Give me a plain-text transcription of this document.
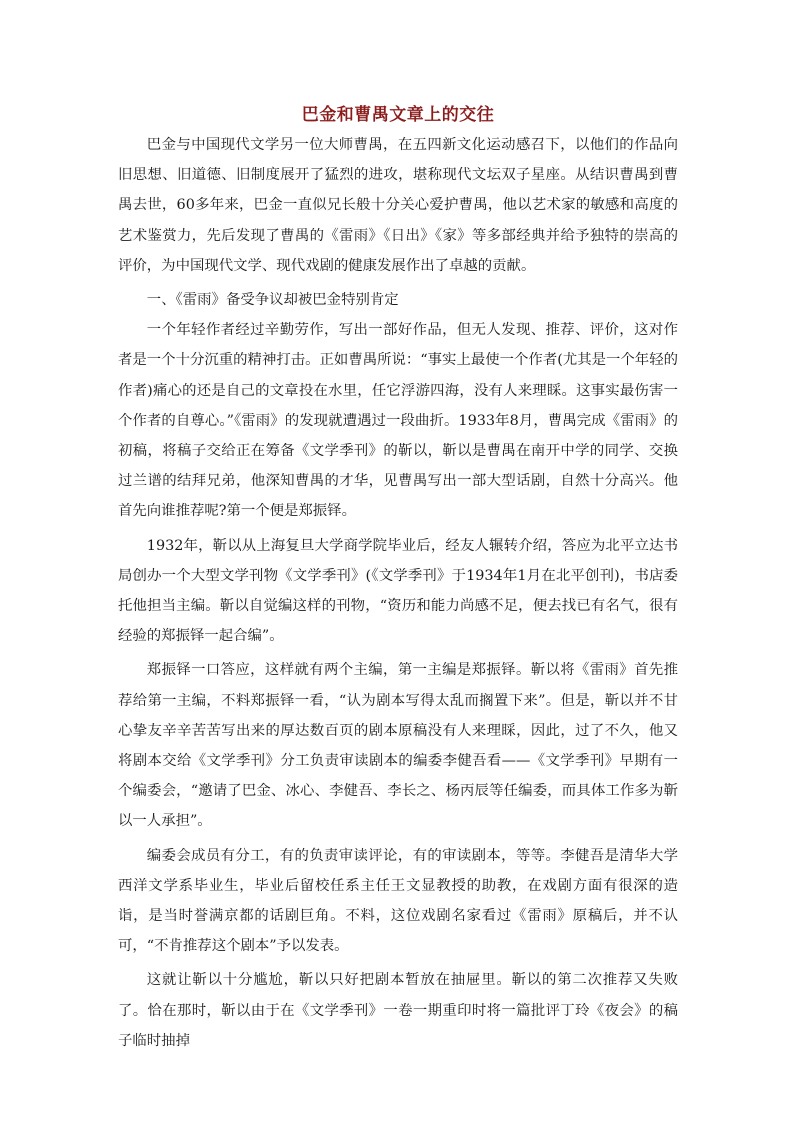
巴金和曹禺文章上的交往

巴金与中国现代文学另一位大师曹禺，在五四新文化运动感召下，以他们的作品向旧思想、旧道德、旧制度展开了猛烈的进攻，堪称现代文坛双子星座。从结识曹禺到曹禺去世，60多年来，巴金一直似兄长般十分关心爱护曹禺，他以艺术家的敏感和高度的艺术鉴赏力，先后发现了曹禺的《雷雨》《日出》《家》等多部经典并给予独特的崇高的评价，为中国现代文学、现代戏剧的健康发展作出了卓越的贡献。

一、《雷雨》备受争议却被巴金特别肯定

一个年轻作者经过辛勤劳作，写出一部好作品，但无人发现、推荐、评价，这对作者是一个十分沉重的精神打击。正如曹禺所说：“事实上最使一个作者(尤其是一个年轻的作者)痛心的还是自己的文章投在水里，任它浮游四海，没有人来理睬。这事实最伤害一个作者的自尊心。”《雷雨》的发现就遭遇过一段曲折。1933年8月，曹禺完成《雷雨》的初稿，将稿子交给正在筹备《文学季刊》的靳以，靳以是曹禺在南开中学的同学、交换过兰谱的结拜兄弟，他深知曹禺的才华，见曹禺写出一部大型话剧，自然十分高兴。他首先向谁推荐呢?第一个便是郑振铎。

1932年，靳以从上海复旦大学商学院毕业后，经友人辗转介绍，答应为北平立达书局创办一个大型文学刊物《文学季刊》(《文学季刊》于1934年1月在北平创刊)，书店委托他担当主编。靳以自觉编这样的刊物，“资历和能力尚感不足，便去找已有名气，很有经验的郑振铎一起合编”。

郑振铎一口答应，这样就有两个主编，第一主编是郑振铎。靳以将《雷雨》首先推荐给第一主编，不料郑振铎一看，“认为剧本写得太乱而搁置下来”。但是，靳以并不甘心挚友辛辛苦苦写出来的厚达数百页的剧本原稿没有人来理睬，因此，过了不久，他又将剧本交给《文学季刊》分工负责审读剧本的编委李健吾看——《文学季刊》早期有一个编委会，“邀请了巴金、冰心、李健吾、李长之、杨丙辰等任编委，而具体工作多为靳以一人承担”。

编委会成员有分工，有的负责审读评论，有的审读剧本，等等。李健吾是清华大学西洋文学系毕业生，毕业后留校任系主任王文显教授的助教，在戏剧方面有很深的造诣，是当时誉满京都的话剧巨角。不料，这位戏剧名家看过《雷雨》原稿后，并不认可，“不肯推荐这个剧本”予以发表。

这就让靳以十分尴尬，靳以只好把剧本暂放在抽屉里。靳以的第二次推荐又失败了。恰在那时，靳以由于在《文学季刊》一卷一期重印时将一篇批评丁玲《夜会》的稿子临时抽掉
